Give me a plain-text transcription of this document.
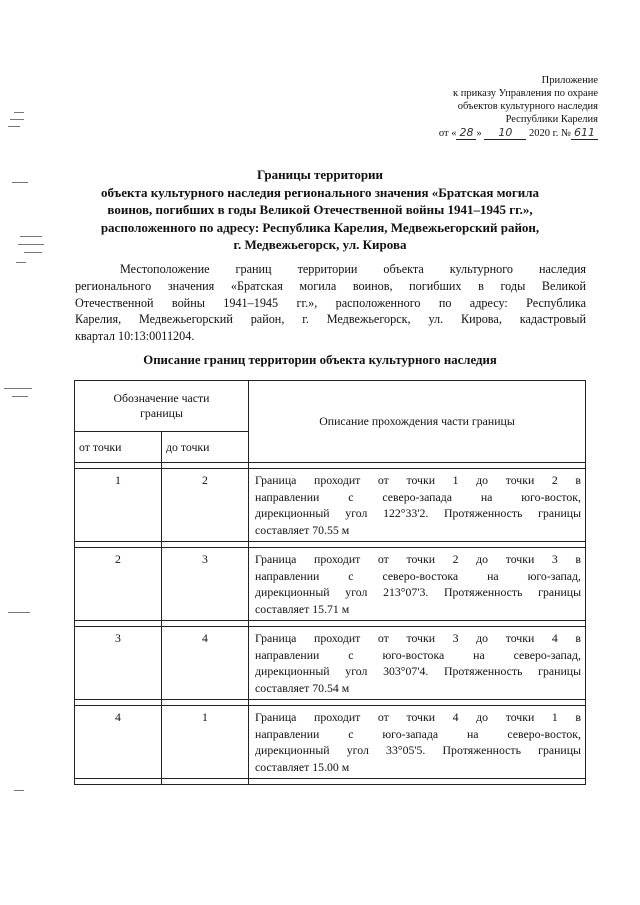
Приложение
к приказу Управления по охране
объектов культурного наследия
Республики Карелия
от « 28 » 10 2020 г. № 611
Границы территории
объекта культурного наследия регионального значения «Братская могила
воинов, погибших в годы Великой Отечественной войны 1941–1945 гг.»,
расположенного по адресу: Республика Карелия, Медвежьегорский район,
г. Медвежьегорск, ул. Кирова
Местоположение границ территории объекта культурного наследия
регионального значения «Братская могила воинов, погибших в годы Великой
Отечественной войны 1941–1945 гг.», расположенного по адресу: Республика
Карелия, Медвежьегорский район, г. Медвежьегорск, ул. Кирова, кадастровый
квартал 10:13:0011204.
Описание границ территории объекта культурного наследия
Обозначение части
границы		Описание прохождения части границы
от точки	до точки	

1	2	Граница проходит от точки 1 до точки 2 в
направлении с северо-запада на юго-восток,
дирекционный угол 122°33'2. Протяженность границы
составляет 70.55 м

2	3	Граница проходит от точки 2 до точки 3 в
направлении с северо-востока на юго-запад,
дирекционный угол 213°07'3. Протяженность границы
составляет 15.71 м

3	4	Граница проходит от точки 3 до точки 4 в
направлении с юго-востока на северо-запад,
дирекционный угол 303°07'4. Протяженность границы
составляет 70.54 м

4	1	Граница проходит от точки 4 до точки 1 в
направлении с юго-запада на северо-восток,
дирекционный угол 33°05'5. Протяженность границы
составляет 15.00 м
